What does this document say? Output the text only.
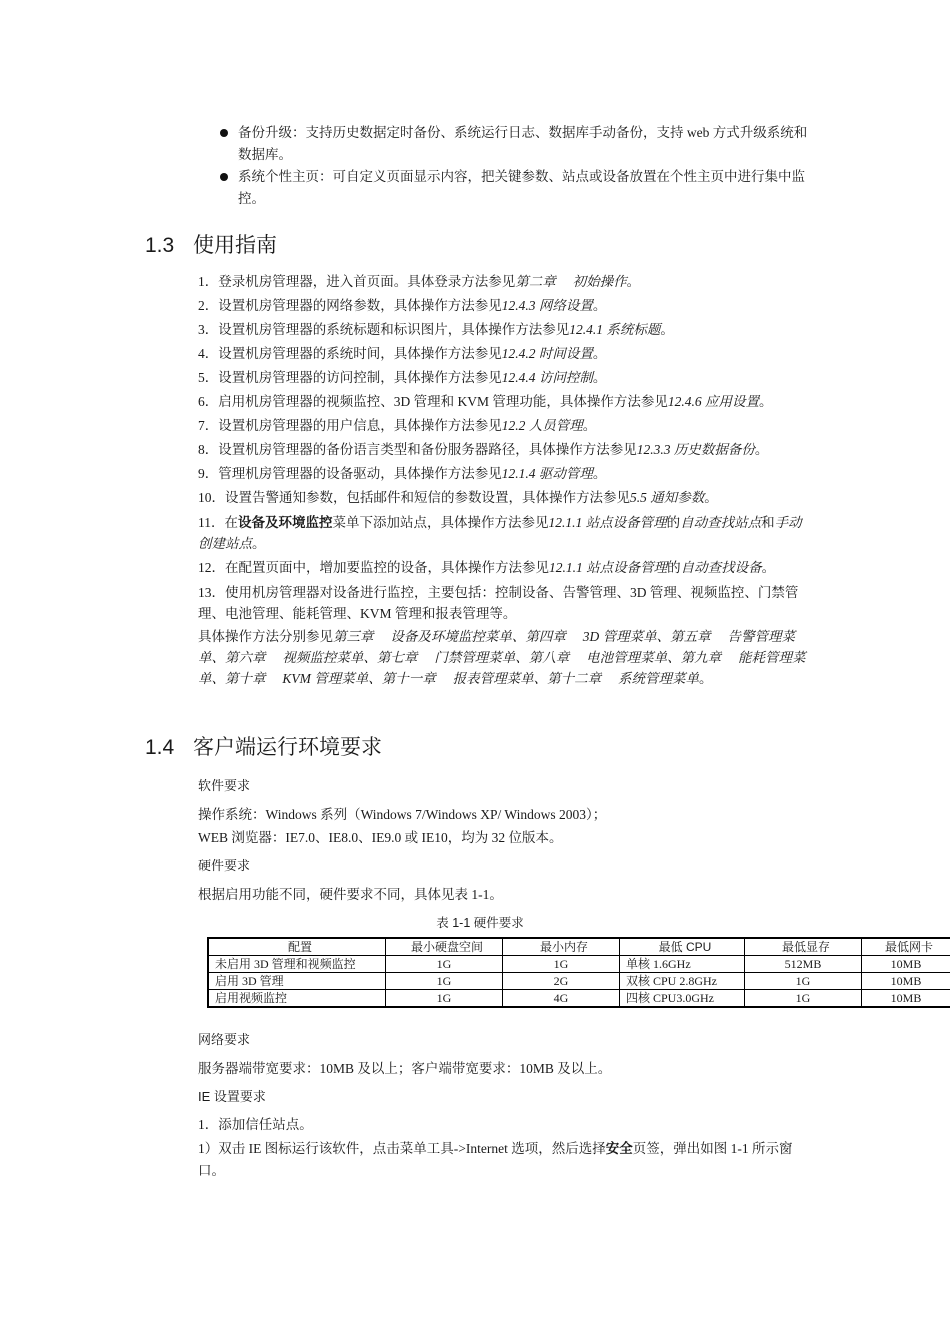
备份升级：支持历史数据定时备份、系统运行日志、数据库手动备份，支持 web 方式升级系统和数据库。
系统个性主页：可自定义页面显示内容，把关键参数、站点或设备放置在个性主页中进行集中监控。
1.3 使用指南

1．登录机房管理器，进入首页面。具体登录方法参见第二章　 初始操作。

2．设置机房管理器的网络参数，具体操作方法参见12.4.3 网络设置。

3．设置机房管理器的系统标题和标识图片，具体操作方法参见12.4.1 系统标题。

4．设置机房管理器的系统时间，具体操作方法参见12.4.2 时间设置。

5．设置机房管理器的访问控制，具体操作方法参见12.4.4 访问控制。

6．启用机房管理器的视频监控、3D 管理和 KVM 管理功能，具体操作方法参见12.4.6 应用设置。

7．设置机房管理器的用户信息，具体操作方法参见12.2 人员管理。

8．设置机房管理器的备份语言类型和备份服务器路径，具体操作方法参见12.3.3 历史数据备份。

9．管理机房管理器的设备驱动，具体操作方法参见12.1.4 驱动管理。

10．设置告警通知参数，包括邮件和短信的参数设置，具体操作方法参见5.5 通知参数。

11．在设备及环境监控菜单下添加站点，具体操作方法参见12.1.1 站点设备管理的自动查找站点和手动创建站点。

12．在配置页面中，增加要监控的设备，具体操作方法参见12.1.1 站点设备管理的自动查找设备。

13．使用机房管理器对设备进行监控，主要包括：控制设备、告警管理、3D 管理、视频监控、门禁管理、电池管理、能耗管理、KVM 管理和报表管理等。

具体操作方法分别参见第三章　 设备及环境监控菜单、第四章　 3D 管理菜单、第五章　 告警管理菜单、第六章　 视频监控菜单、第七章　 门禁管理菜单、第八章　 电池管理菜单、第九章　 能耗管理菜单、第十章　 KVM 管理菜单、第十一章　 报表管理菜单、第十二章　 系统管理菜单。

1.4 客户端运行环境要求

软件要求

操作系统：Windows 系列（Windows 7/Windows XP/ Windows 2003）；

WEB 浏览器：IE7.0、IE8.0、IE9.0 或 IE10，均为 32 位版本。

硬件要求

根据启用功能不同，硬件要求不同，具体见表 1-1。

表 1-1 硬件要求
配置	最小硬盘空间	最小内存	最低 CPU	最低显存	最低网卡
未启用 3D 管理和视频监控	1G	1G	单核 1.6GHz	512MB	10MB
启用 3D 管理	1G	2G	双核 CPU 2.8GHz	1G	10MB
启用视频监控	1G	4G	四核 CPU3.0GHz	1G	10MB

网络要求

服务器端带宽要求：10MB 及以上；客户端带宽要求：10MB 及以上。

IE 设置要求

1．添加信任站点。

1）双击 IE 图标运行该软件，点击菜单工具->Internet 选项，然后选择安全页签，弹出如图 1-1 所示窗口。
